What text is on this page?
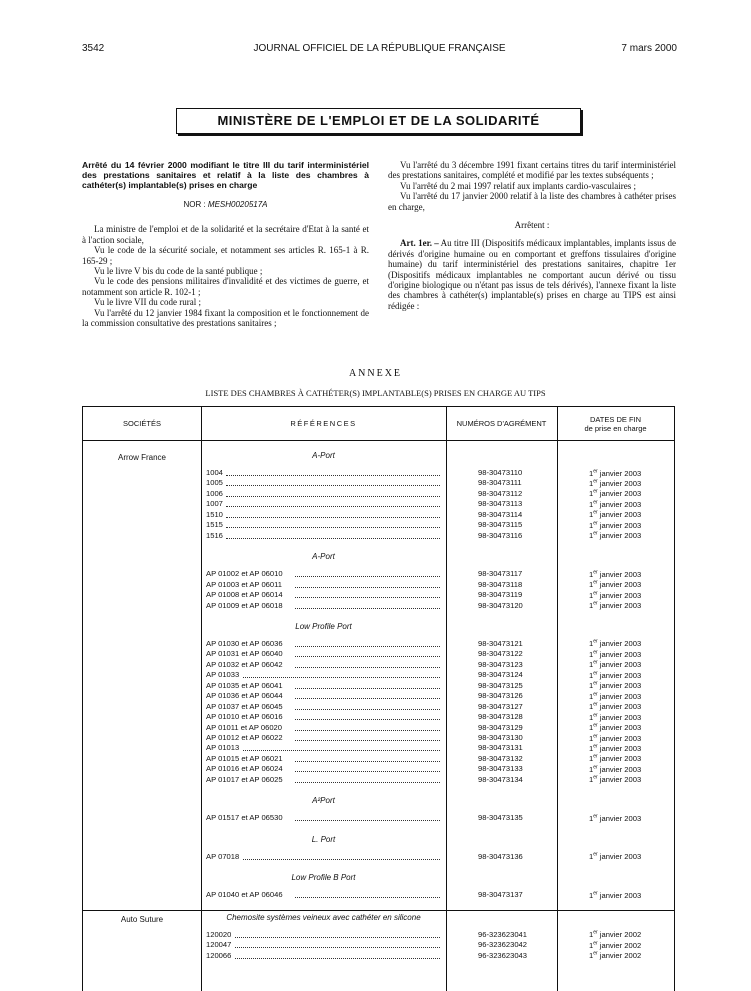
3542	JOURNAL OFFICIEL DE LA RÉPUBLIQUE FRANÇAISE	7 mars 2000
MINISTÈRE DE L'EMPLOI ET DE LA SOLIDARITÉ
Arrêté du 14 février 2000 modifiant le titre III du tarif interministériel des prestations sanitaires et relatif à la liste des chambres à cathéter(s) implantable(s) prises en charge
NOR : MESH0020517A

La ministre de l'emploi et de la solidarité et la secrétaire d'Etat à la santé et à l'action sociale,

Vu le code de la sécurité sociale, et notamment ses articles R. 165-1 à R. 165-29 ;

Vu le livre V bis du code de la santé publique ;

Vu le code des pensions militaires d'invalidité et des victimes de guerre, et notamment son article R. 102-1 ;

Vu le livre VII du code rural ;

Vu l'arrêté du 12 janvier 1984 fixant la composition et le fonctionnement de la commission consultative des prestations sanitaires ;

Vu l'arrêté du 3 décembre 1991 fixant certains titres du tarif interministériel des prestations sanitaires, complété et modifié par les textes subséquents ;

Vu l'arrêté du 2 mai 1997 relatif aux implants cardio-vasculaires ;

Vu l'arrêté du 17 janvier 2000 relatif à la liste des chambres à cathéter prises en charge,

Arrêtent :

Art. 1er. – Au titre III (Dispositifs médicaux implantables, implants issus de dérivés d'origine humaine ou en comportant et greffons tissulaires d'origine humaine) du tarif interministériel des prestations sanitaires, chapitre 1er (Dispositifs médicaux implantables ne comportant aucun dérivé ou tissu d'origine biologique ou n'étant pas issus de tels dérivés), l'annexe fixant la liste des chambres à cathéter(s) implantable(s) prises en charge au TIPS est ainsi rédigée :

ANNEXE
LISTE DES CHAMBRES À CATHÉTER(S) IMPLANTABLE(S) PRISES EN CHARGE AU TIPS
SOCIÉTÉS	RÉFÉRENCES	NUMÉROS D'AGRÉMENT	DATES DE FIN
de prise en charge
Arrow France	A-Port
1004	98-30473110	1er janvier 2003
1005	98-30473111	1er janvier 2003
1006	98-30473112	1er janvier 2003
1007	98-30473113	1er janvier 2003
1510	98-30473114	1er janvier 2003
1515	98-30473115	1er janvier 2003
1516	98-30473116	1er janvier 2003
A-Port
AP 01002 et AP 06010	98-30473117	1er janvier 2003
AP 01003 et AP 06011	98-30473118	1er janvier 2003
AP 01008 et AP 06014	98-30473119	1er janvier 2003
AP 01009 et AP 06018	98-30473120	1er janvier 2003
Low Profile Port
AP 01030 et AP 06036	98-30473121	1er janvier 2003
AP 01031 et AP 06040	98-30473122	1er janvier 2003
AP 01032 et AP 06042	98-30473123	1er janvier 2003
AP 01033	98-30473124	1er janvier 2003
AP 01035 et AP 06041	98-30473125	1er janvier 2003
AP 01036 et AP 06044	98-30473126	1er janvier 2003
AP 01037 et AP 06045	98-30473127	1er janvier 2003
AP 01010 et AP 06016	98-30473128	1er janvier 2003
AP 01011 et AP 06020	98-30473129	1er janvier 2003
AP 01012 et AP 06022	98-30473130	1er janvier 2003
AP 01013	98-30473131	1er janvier 2003
AP 01015 et AP 06021	98-30473132	1er janvier 2003
AP 01016 et AP 06024	98-30473133	1er janvier 2003
AP 01017 et AP 06025	98-30473134	1er janvier 2003
A²Port
AP 01517 et AP 06530	98-30473135	1er janvier 2003
L. Port
AP 07018	98-30473136	1er janvier 2003
Low Profile B Port
AP 01040 et AP 06046	98-30473137	1er janvier 2003
Auto Suture	Chemosite systèmes veineux avec cathéter en silicone
120020	96-323623041	1er janvier 2002
120047	96-323623042	1er janvier 2002
120066	96-323623043	1er janvier 2002
